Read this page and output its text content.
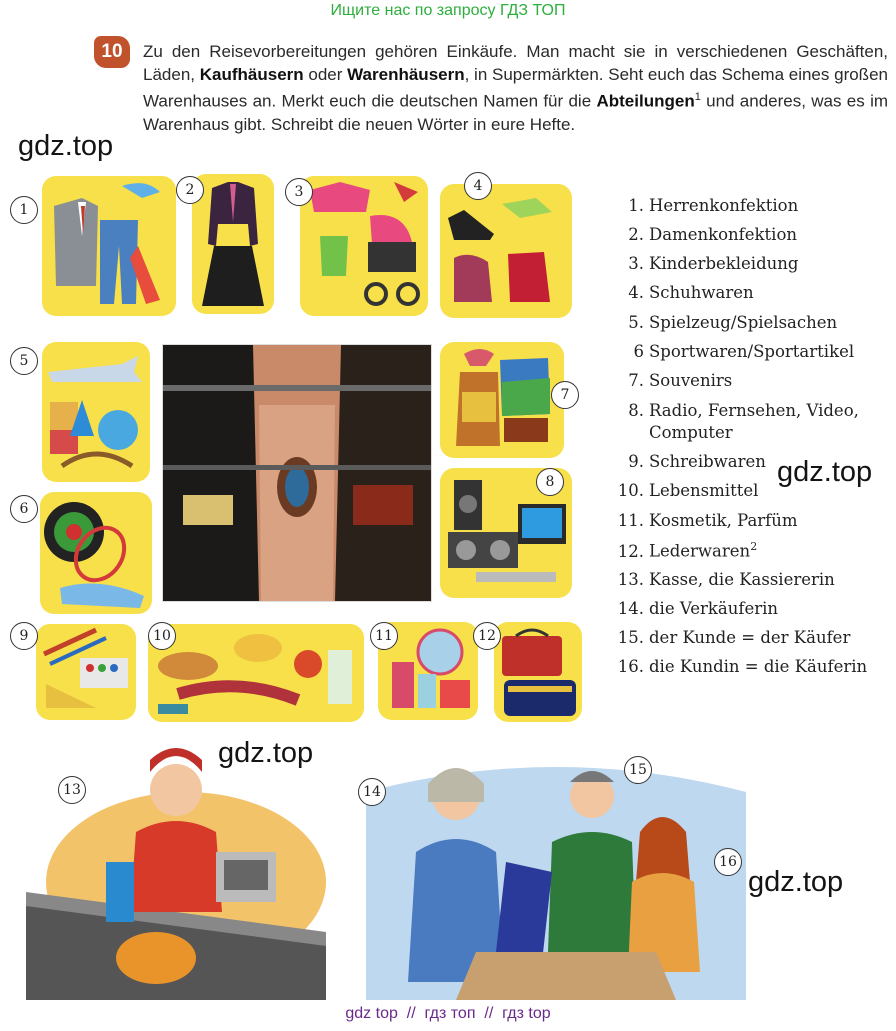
Ищите нас по запросу ГДЗ ТОП
10	Zu den Reisevorbereitungen gehören Einkäufe. Man macht sie in verschiedenen Geschäften, Läden, Kaufhäusern oder Warenhäusern, in Supermärkten. Seht euch das Schema eines großen Warenhauses an. Merkt euch die deutschen Namen für die Abteilungen$^1$ und anderes, was es im Warenhaus gibt. Schreibt die neuen Wörter in eure Hefte.
gdz.top
gdz.top
gdz.top
gdz.top
1
2	3	4
5
6
7
8
9	10	11	12
13	14
15
16
1. Herrenkonfektion
2. Damenkonfektion
3. Kinderbekleidung
4. Schuhwaren
5. Spielzeug/Spielsachen
6 Sportwaren/Sportartikel
7. Souvenirs
8. Radio, Fernsehen, Video,
Computer
9. Schreibwaren
10. Lebensmittel
11. Kosmetik, Parfüm
12. Lederwaren$^2$
13. Kasse, die Kassiererin
14. die Verkäuferin
15. der Kunde = der Käufer
16. die Kundin = die Käuferin
gdz top  //  гдз топ  //  гдз top
